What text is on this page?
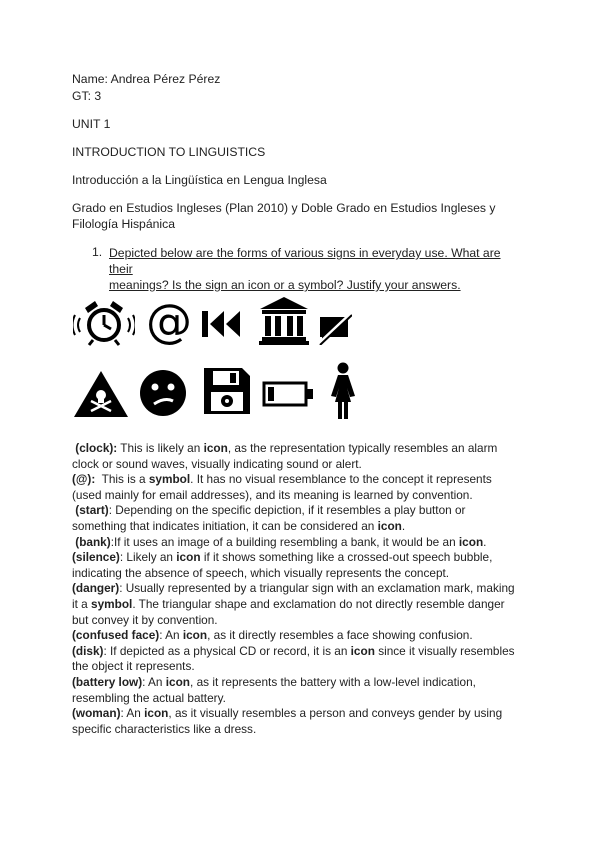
Name: Andrea Pérez Pérez
GT: 3
UNIT 1
INTRODUCTION TO LINGUISTICS
Introducción a la Lingüística en Lengua Inglesa
Grado en Estudios Ingleses (Plan 2010) y Doble Grado en Estudios Ingleses y
Filología Hispánica
1. Depicted below are the forms of various signs in everyday use. What are their
meanings? Is the sign an icon or a symbol? Justify your answers.
@

(clock): This is likely an icon, as the representation typically resembles an alarm

clock or sound waves, visually indicating sound or alert.

(@):  This is a symbol. It has no visual resemblance to the concept it represents

(used mainly for email addresses), and its meaning is learned by convention.

(start): Depending on the specific depiction, if it resembles a play button or

something that indicates initiation, it can be considered an icon.

(bank):If it uses an image of a building resembling a bank, it would be an icon.

(silence): Likely an icon if it shows something like a crossed-out speech bubble,

indicating the absence of speech, which visually represents the concept.

(danger): Usually represented by a triangular sign with an exclamation mark, making

it a symbol. The triangular shape and exclamation do not directly resemble danger

but convey it by convention.

(confused face): An icon, as it directly resembles a face showing confusion.

(disk): If depicted as a physical CD or record, it is an icon since it visually resembles

the object it represents.

(battery low): An icon, as it represents the battery with a low-level indication,

resembling the actual battery.

(woman): An icon, as it visually resembles a person and conveys gender by using

specific characteristics like a dress.
